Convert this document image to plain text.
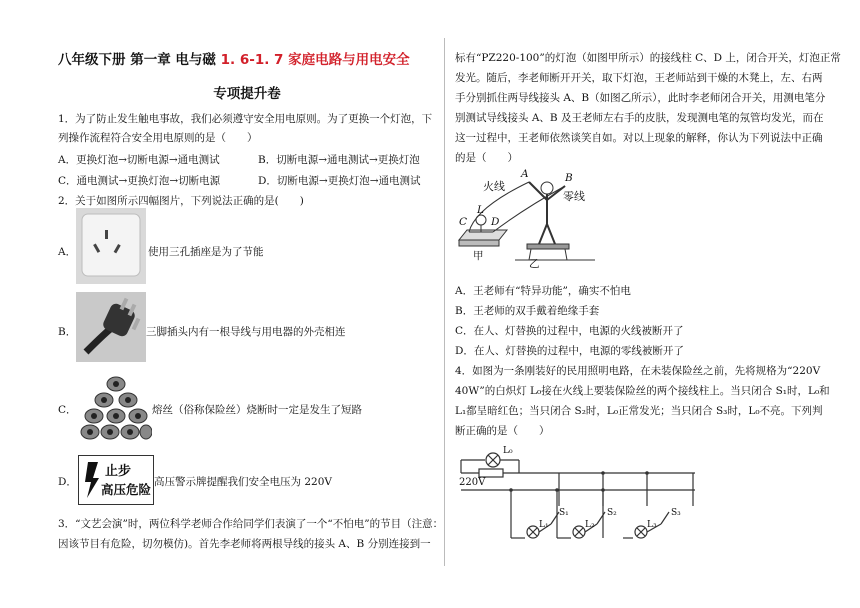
八年级下册 第一章 电与磁 1. 6-1. 7 家庭电路与用电安全
专项提升卷
1．为了防止发生触电事故，我们必须遵守安全用电原则。为了更换一个灯泡，下
列操作流程符合安全用电原则的是（　　）
A．更换灯泡→切断电源→通电测试	B．切断电源→通电测试→更换灯泡
C．通电测试→更换灯泡→切断电源	D．切断电源→更换灯泡→通电测试
2．关于如图所示四幅图片，下列说法正确的是(　　)
A．	使用三孔插座是为了节能
B．	三脚插头内有一根导线与用电器的外壳相连
C．	熔丝（俗称保险丝）烧断时一定是发生了短路
D．
止步
高压危险 高压警示牌提醒我们安全电压为 220V
3．“文艺会演”时，两位科学老师合作给同学们表演了一个“不怕电”的节目（注意：
因该节目有危险，切勿模仿)。首先李老师将两根导线的接头 A、B 分别连接到一
标有“PZ220-100”的灯泡（如图甲所示）的接线柱 C、D 上，闭合开关，灯泡正常
发光。随后，李老师断开开关，取下灯泡，王老师站到干燥的木凳上，左、右两
手分别抓住两导线接头 A、B（如图乙所示），此时李老师闭合开关，用测电笔分
别测试导线接头 A、B 及王老师左右手的皮肤，发现测电笔的氖管均发光，而在
这一过程中，王老师依然谈笑自如。对以上现象的解释，你认为下列说法中正确
的是（　　）
火线
零线
A	B
C D
L
甲
乙
A．王老师有“特异功能”，确实不怕电
B．王老师的双手戴着绝缘手套
C．在人、灯替换的过程中，电源的火线被断开了
D．在人、灯替换的过程中，电源的零线被断开了
4．如图为一条刚装好的民用照明电路，在未装保险丝之前，先将规格为“220V
40W”的白炽灯 L₀接在火线上要装保险丝的两个接线柱上。当只闭合 S₁时，L₀和
L₁都呈暗红色；当只闭合 S₂时，L₀正常发光；当只闭合 S₃时，L₀不亮。下列判
断正确的是（　　）
L₀
220V
L₁	L₂	L₃
S₁	S₂	S₃
